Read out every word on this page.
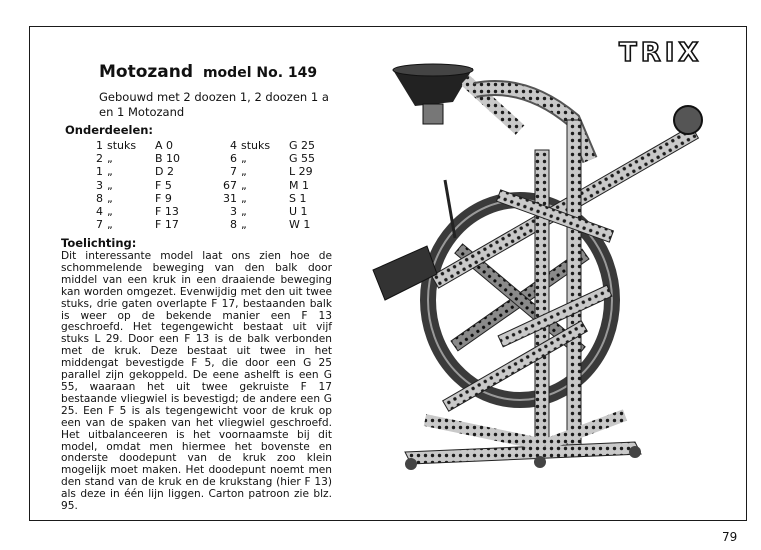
TRIX
Motozand model No. 149
Gebouwd met 2 doozen 1, 2 doozen 1 a en 1 Motozand
Onderdeelen:
1	stuks	A 0	4	stuks	G 25
2	„	B 10	6	„	G 55
1	„	D 2	7	„	L 29
3	„	F 5	67	„	M 1
8	„	F 9	31	„	S 1
4	„	F 13	3	„	U 1
7	„	F 17	8	„	W 1
Toelichting:
Dit interessante model laat ons zien hoe de schommelende beweging van den balk door middel van een kruk in een draaiende beweging kan worden omgezet. Evenwijdig met den uit twee stuks, drie gaten overlapte F 17, bestaanden balk is weer op de bekende manier een F 13 geschroefd. Het tegengewicht bestaat uit vijf stuks L 29. Door een F 13 is de balk verbonden met de kruk. Deze bestaat uit twee in het middengat bevestigde F 5, die door een G 25 parallel zijn gekoppeld. De eene ashelft is een G 55, waaraan het uit twee gekruiste F 17 bestaande vliegwiel is bevestigd; de andere een G 25. Een F 5 is als tegengewicht voor de kruk op een van de spaken van het vliegwiel geschroefd. Het uitbalanceeren is het voornaamste bij dit model, omdat men hiermee het bovenste en onderste doodepunt van de kruk zoo klein mogelijk moet maken. Het doodepunt noemt men den stand van de kruk en de krukstang (hier F 13) als deze in één lijn liggen. Carton patroon zie blz. 95.
79
